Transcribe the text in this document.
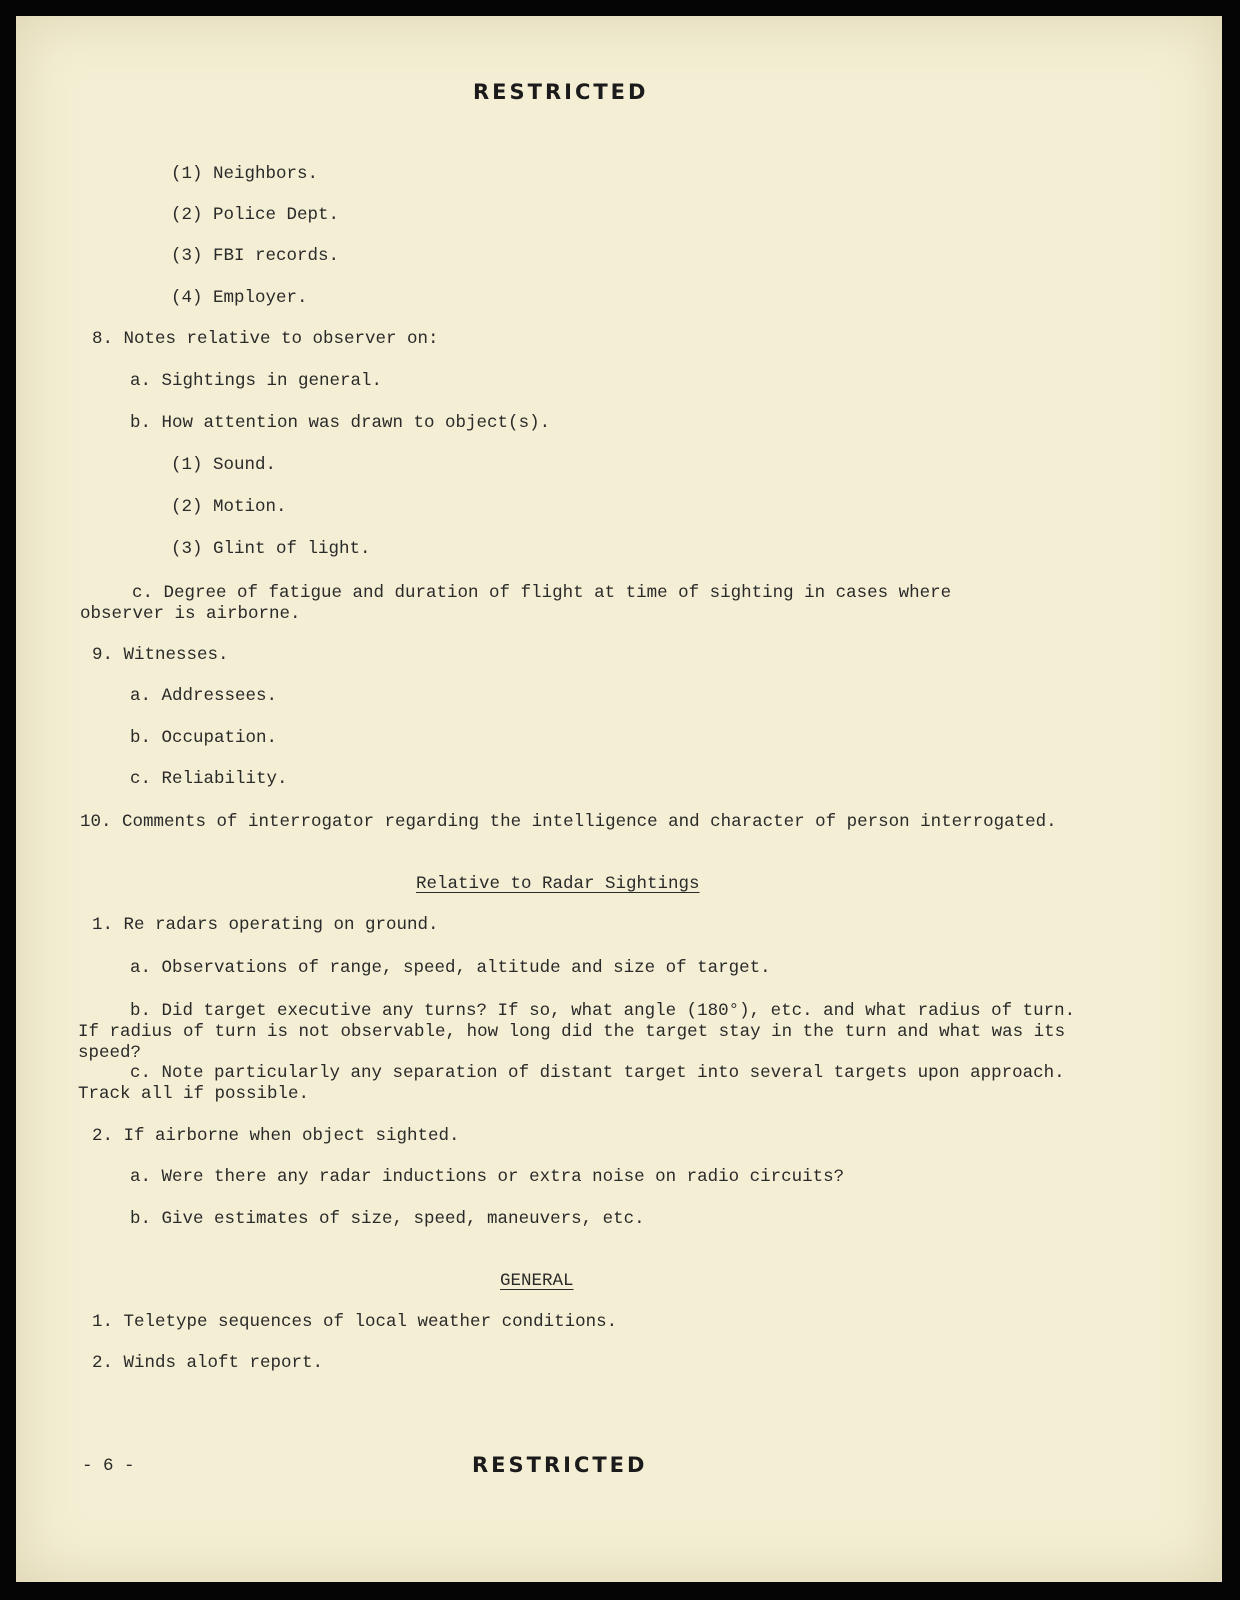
RESTRICTED

(1) Neighbors.

(2) Police Dept.

(3) FBI records.

(4) Employer.

8. Notes relative to observer on:

a. Sightings in general.

b. How attention was drawn to object(s).

(1) Sound.

(2) Motion.

(3) Glint of light.

c. Degree of fatigue and duration of flight at time of sighting in cases where observer is airborne.

9. Witnesses.

a. Addressees.

b. Occupation.

c. Reliability.

10. Comments of interrogator regarding the intelligence and character of person interrogated.

Relative to Radar Sightings

1. Re radars operating on ground.

a. Observations of range, speed, altitude and size of target.

b. Did target executive any turns? If so, what angle (180°), etc. and what radius of turn. If radius of turn is not observable, how long did the target stay in the turn and what was its speed?

c. Note particularly any separation of distant target into several targets upon approach. Track all if possible.

2. If airborne when object sighted.

a. Were there any radar inductions or extra noise on radio circuits?

b. Give estimates of size, speed, maneuvers, etc.

GENERAL

1. Teletype sequences of local weather conditions.

2. Winds aloft report.

- 6 -	RESTRICTED
